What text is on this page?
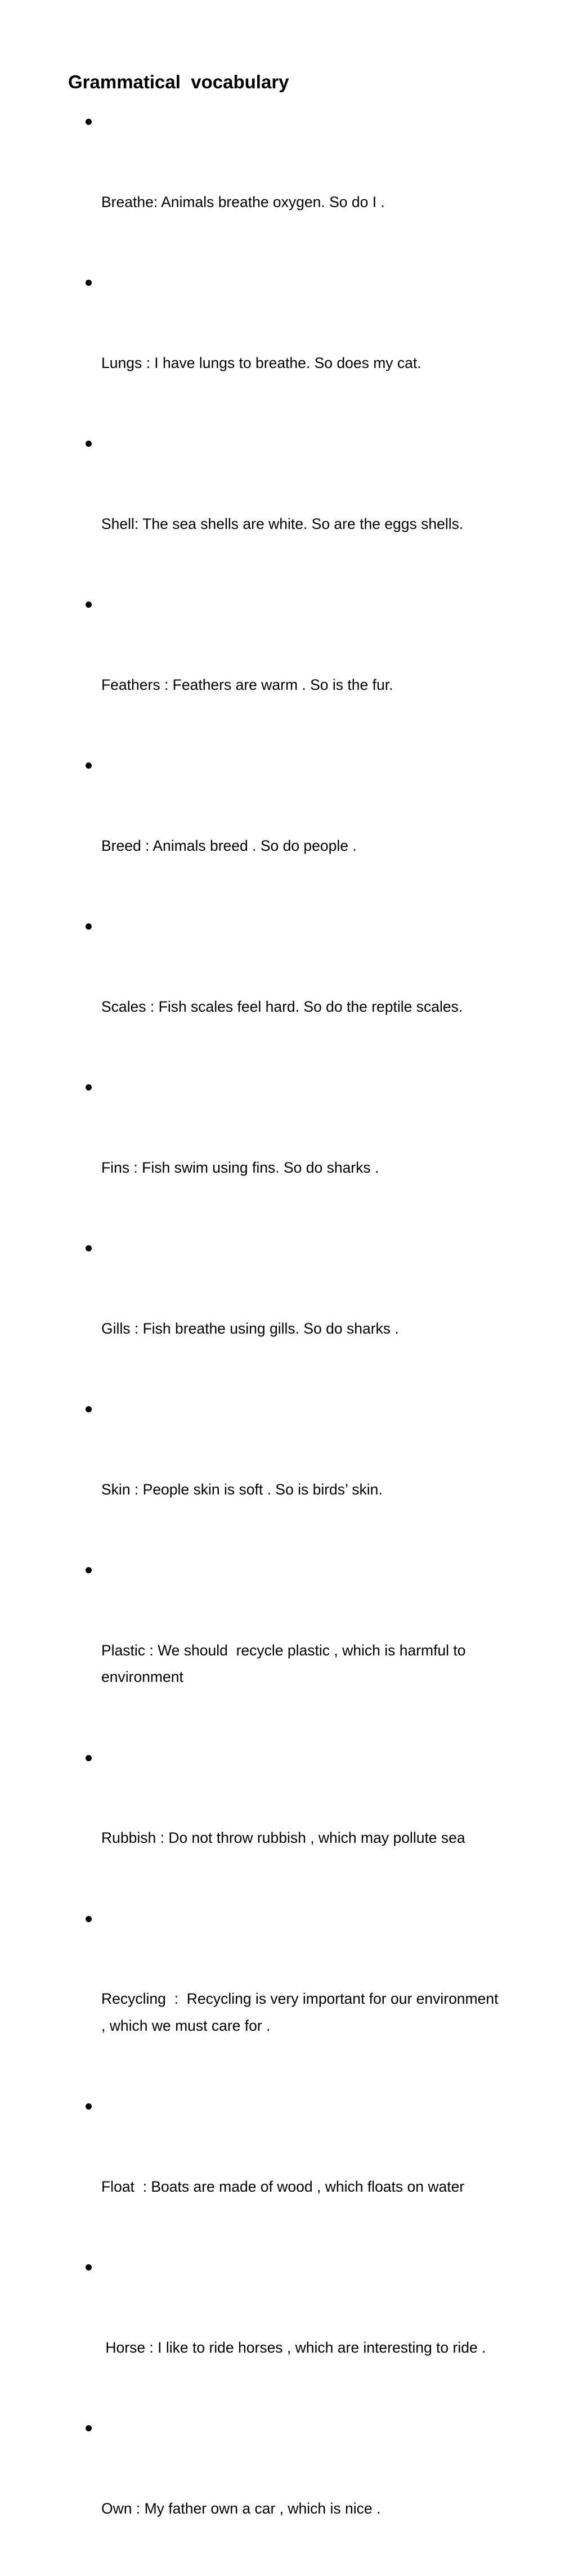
Grammatical  vocabulary

Breathe: Animals breathe oxygen. So do I .

Lungs : I have lungs to breathe. So does my cat.

Shell: The sea shells are white. So are the eggs shells.

Feathers : Feathers are warm . So is the fur.

Breed : Animals breed . So do people .

Scales : Fish scales feel hard. So do the reptile scales.

Fins : Fish swim using fins. So do sharks .

Gills : Fish breathe using gills. So do sharks .

Skin : People skin is soft . So is birds’ skin.

Plastic : We should  recycle plastic , which is harmful to environment

Rubbish : Do not throw rubbish , which may pollute sea

Recycling  :  Recycling is very important for our environment , which we must care for .

Float  : Boats are made of wood , which floats on water

Horse : I like to ride horses , which are interesting to ride .

Own : My father own a car , which is nice .
